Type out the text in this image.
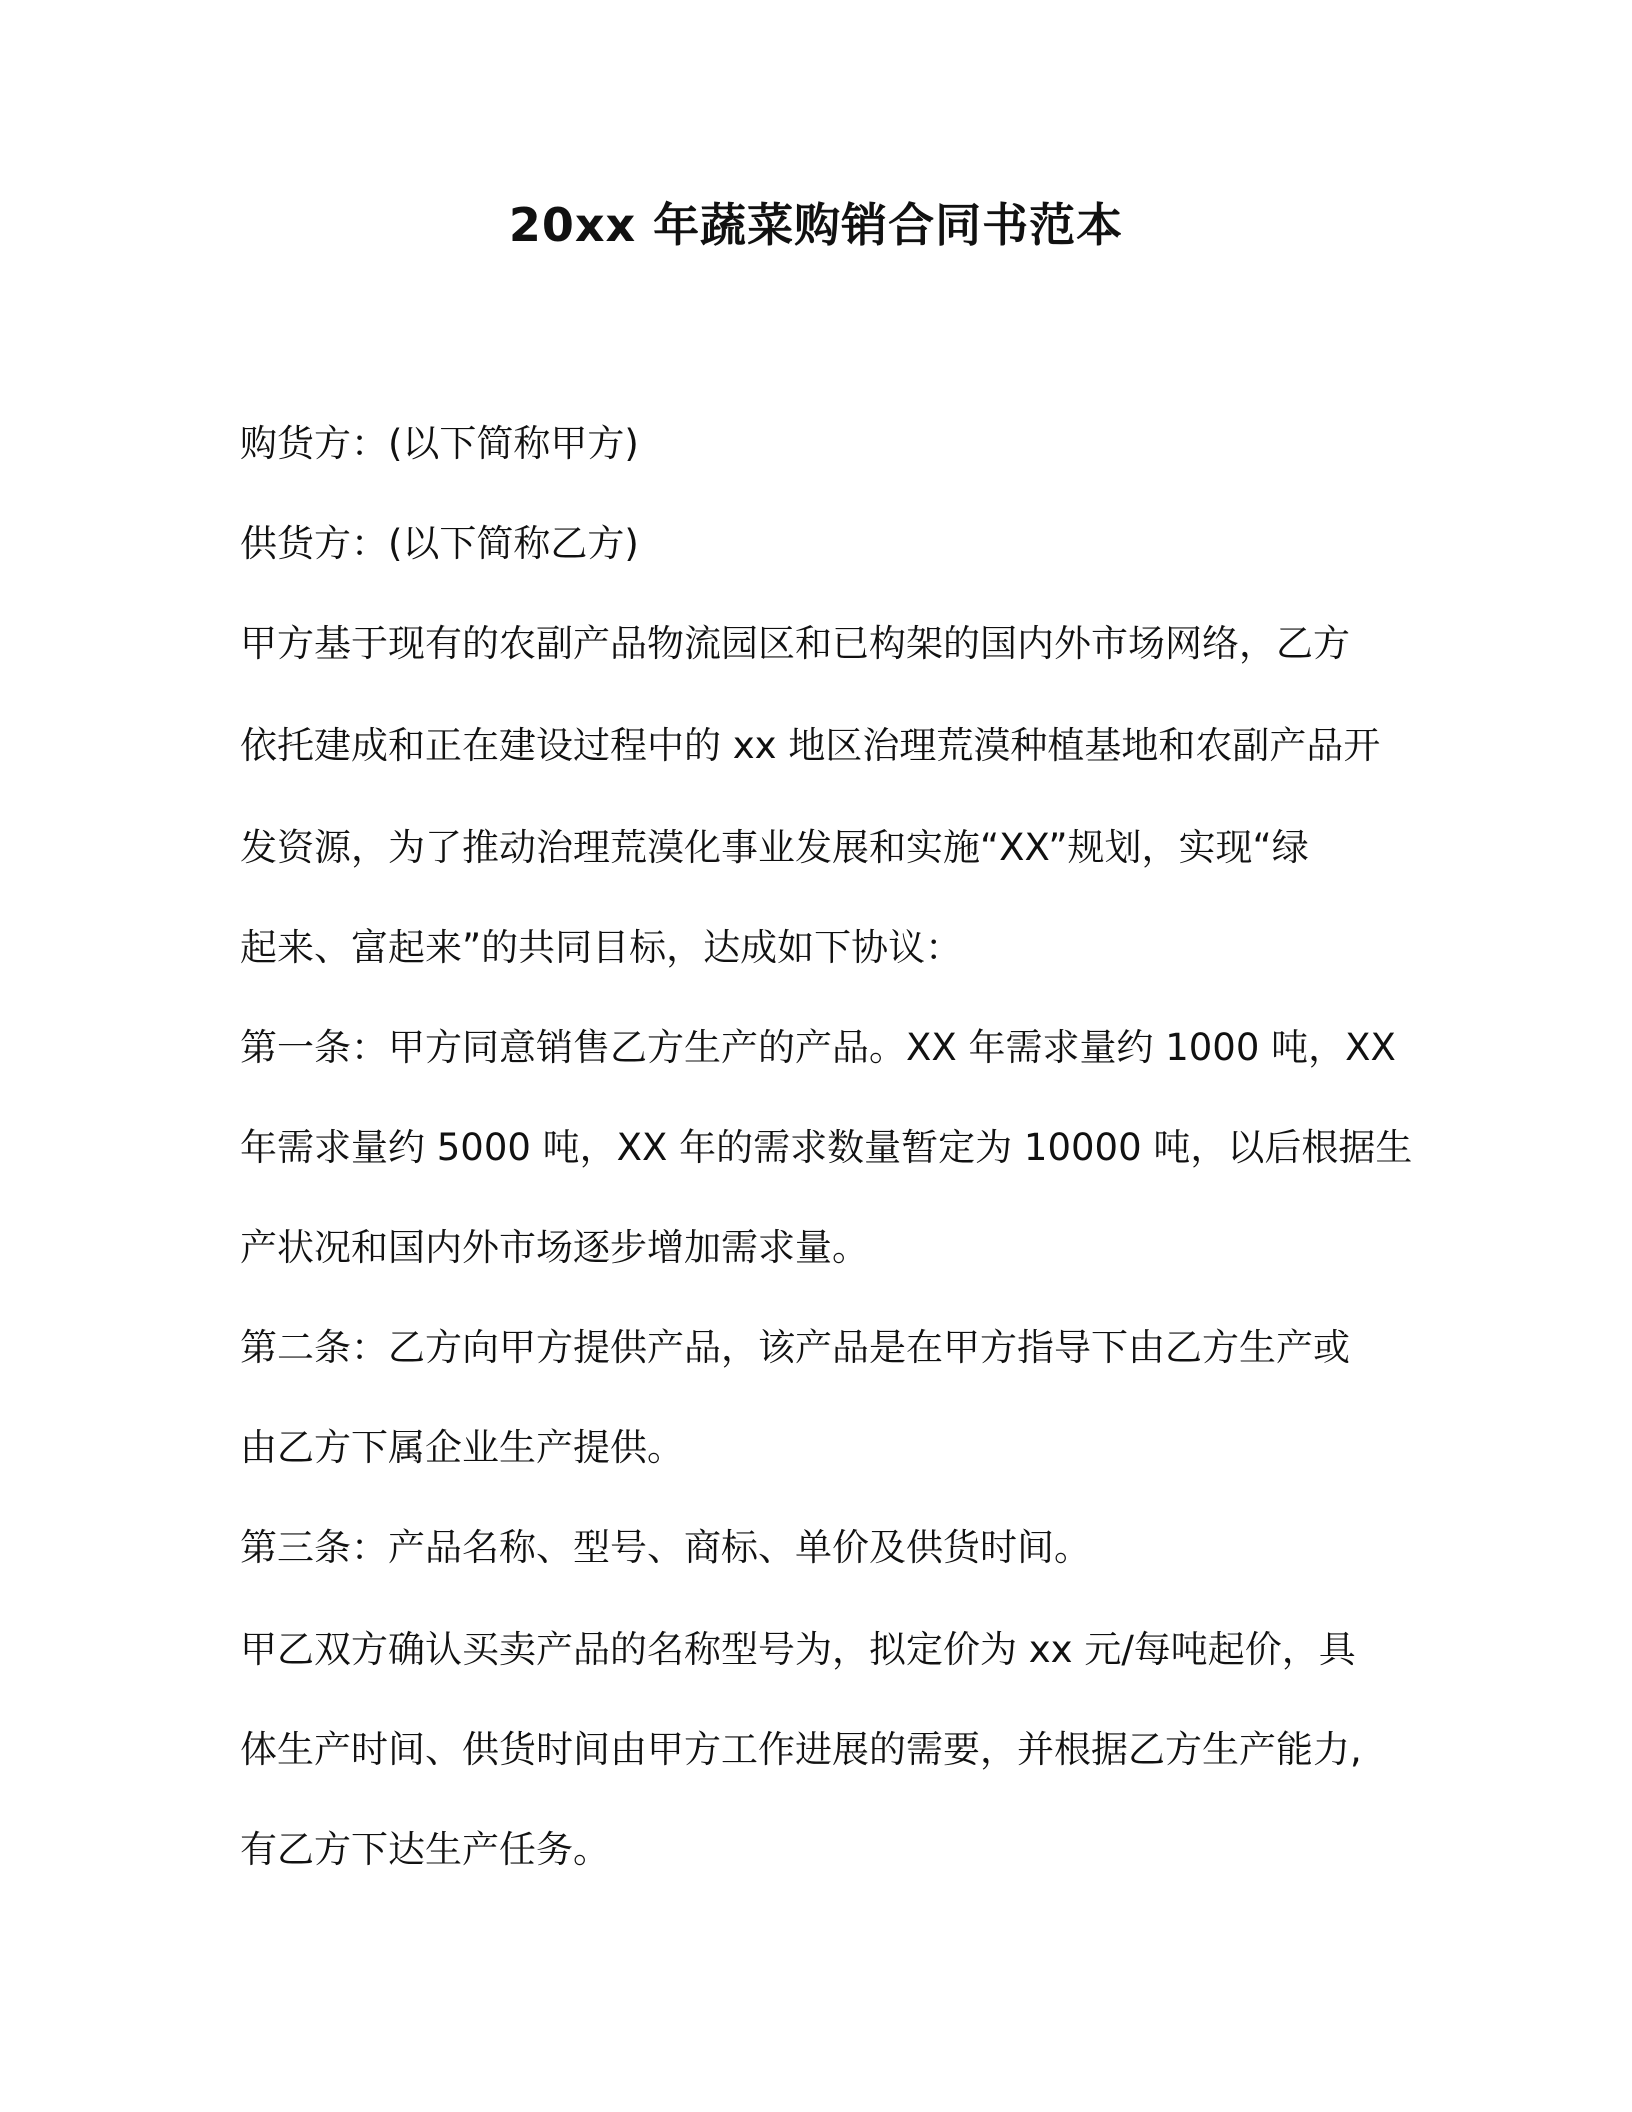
20xx 年蔬菜购销合同书范本

购货方：(以下简称甲方)

供货方：(以下简称乙方)

甲方基于现有的农副产品物流园区和已构架的国内外市场网络，乙方

依托建成和正在建设过程中的 xx 地区治理荒漠种植基地和农副产品开

发资源，为了推动治理荒漠化事业发展和实施“XX”规划，实现“绿

起来、富起来”的共同目标，达成如下协议：

第一条：甲方同意销售乙方生产的产品。XX 年需求量约 1000 吨，XX

年需求量约 5000 吨，XX 年的需求数量暂定为 10000 吨，以后根据生

产状况和国内外市场逐步增加需求量。

第二条：乙方向甲方提供产品，该产品是在甲方指导下由乙方生产或

由乙方下属企业生产提供。

第三条：产品名称、型号、商标、单价及供货时间。

甲乙双方确认买卖产品的名称型号为，拟定价为 xx 元/每吨起价，具

体生产时间、供货时间由甲方工作进展的需要，并根据乙方生产能力,

有乙方下达生产任务。
